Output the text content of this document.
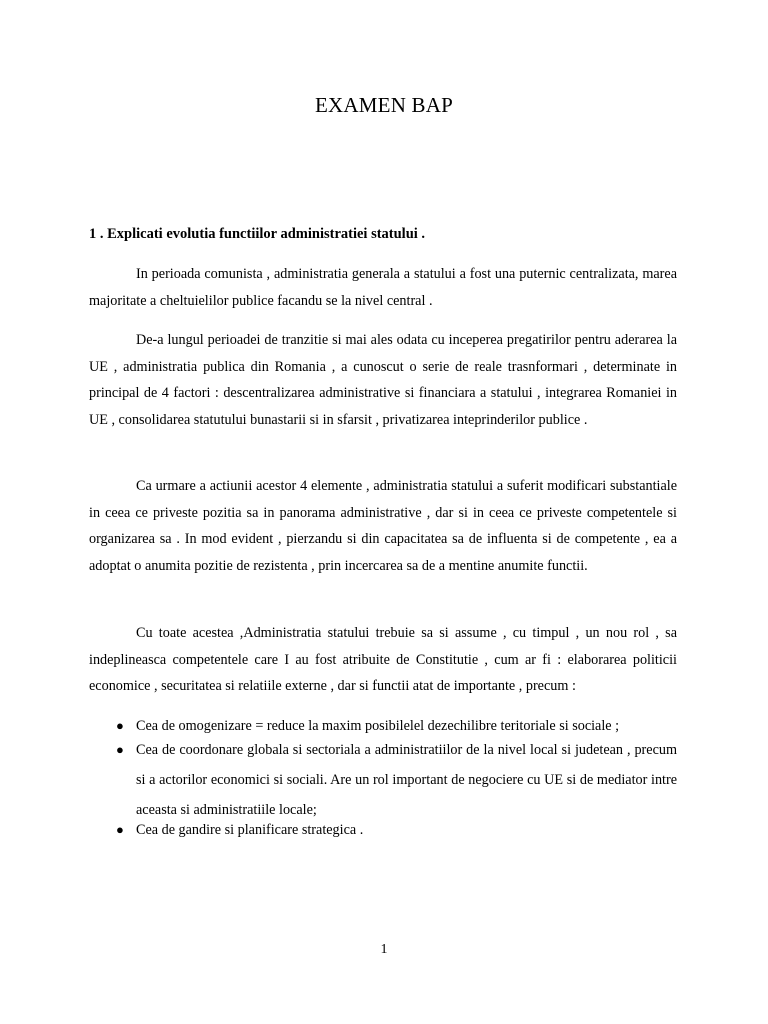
EXAMEN BAP
1 . Explicati evolutia functiilor administratiei statului .

In perioada comunista , administratia generala a statului a fost una puternic centralizata, marea majoritate a cheltuielilor publice facandu se la nivel central .

De-a lungul perioadei de tranzitie si mai ales odata cu inceperea pregatirilor pentru aderarea la UE , administratia publica din Romania , a cunoscut o serie de reale trasnformari , determinate in principal de 4 factori : descentralizarea administrative si financiara a statului , integrarea Romaniei in UE , consolidarea statutului bunastarii si in sfarsit , privatizarea inteprinderilor publice .

Ca urmare a actiunii acestor 4 elemente , administratia statului a suferit modificari substantiale in ceea ce priveste pozitia sa in panorama administrative , dar si in ceea ce priveste competentele si organizarea sa . In mod evident , pierzandu si din capacitatea sa de influenta si de competente , ea a adoptat o anumita pozitie de rezistenta , prin incercarea sa de a mentine anumite functii.

Cu toate acestea ,Administratia statului trebuie sa si assume , cu timpul , un nou rol , sa indeplineasca competentele care I au fost atribuite de Constitutie , cum ar fi : elaborarea politicii economice , securitatea si relatiile externe , dar si functii atat de importante , precum :

● Cea de omogenizare = reduce la maxim posibilelel dezechilibre teritoriale si sociale ;
● Cea de coordonare globala si sectoriala a administratiilor de la nivel local si judetean , precum si a actorilor economici si sociali. Are un rol important de negociere cu UE si de mediator intre aceasta si administratiile locale;
● Cea de gandire si planificare strategica .
1
